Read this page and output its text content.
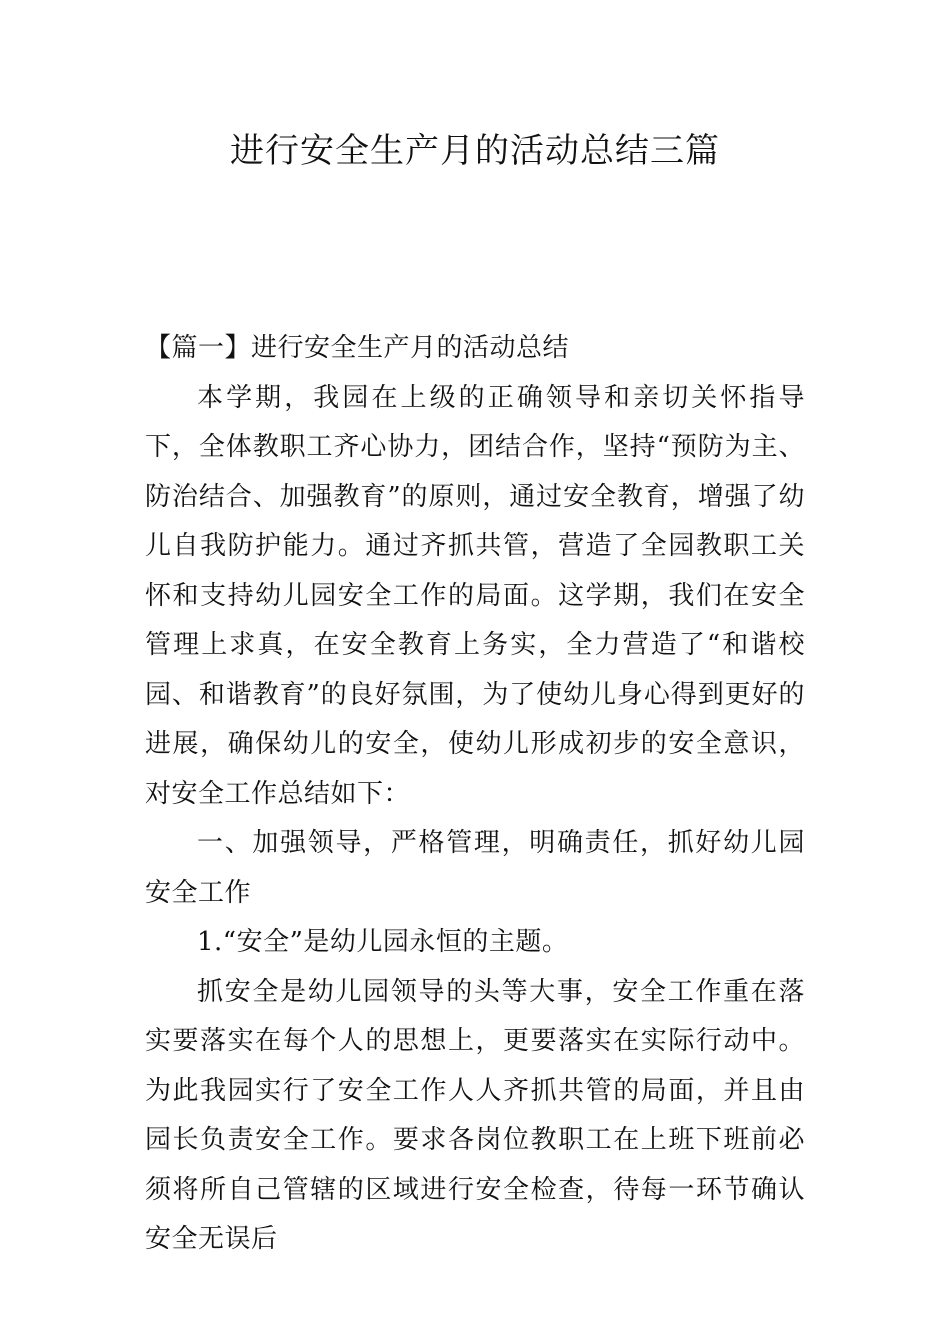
进行安全生产月的活动总结三篇

【篇一】进行安全生产月的活动总结

本学期，我园在上级的正确领导和亲切关怀指导下，全体教职工齐心协力，团结合作，坚持“预防为主、防治结合、加强教育”的原则，通过安全教育，增强了幼儿自我防护能力。通过齐抓共管，营造了全园教职工关怀和支持幼儿园安全工作的局面。这学期，我们在安全管理上求真，在安全教育上务实，全力营造了“和谐校园、和谐教育”的良好氛围，为了使幼儿身心得到更好的进展，确保幼儿的安全，使幼儿形成初步的安全意识，对安全工作总结如下：

一、加强领导，严格管理，明确责任，抓好幼儿园安全工作

1.“安全”是幼儿园永恒的主题。

抓安全是幼儿园领导的头等大事，安全工作重在落实要落实在每个人的思想上，更要落实在实际行动中。为此我园实行了安全工作人人齐抓共管的局面，并且由园长负责安全工作。要求各岗位教职工在上班下班前必须将所自己管辖的区域进行安全检查，待每一环节确认安全无误后
